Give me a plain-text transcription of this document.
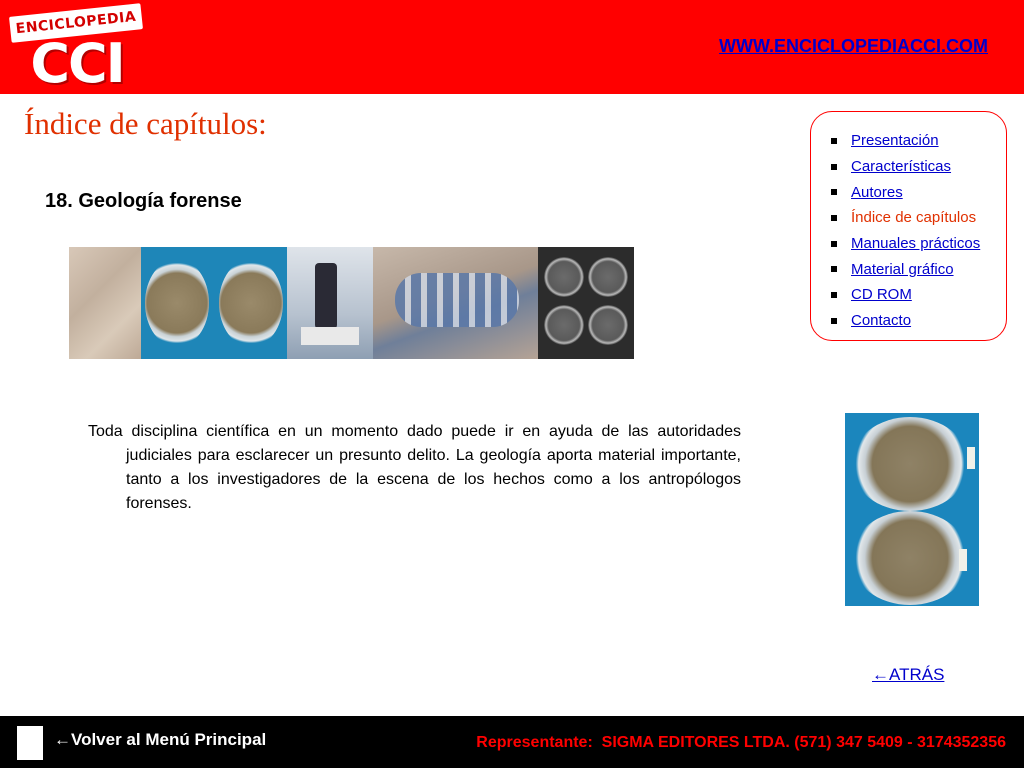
ENCICLOPEDIA
CCI	WWW.ENCICLOPEDIACCI.COM
Índice de capítulos:
18. Geología forense

Toda disciplina científica en un momento dado puede ir en ayuda de las autoridades judiciales para esclarecer un presunto delito. La geología aporta material importante, tanto a los investigadores de la escena de los hechos como a los antropólogos forenses.

Presentación
Características
Autores
Índice de capítulos
Manuales prácticos
Material gráfico
CD ROM
Contacto
←ATRÁS
←Volver al Menú Principal	Representante:  SIGMA EDITORES LTDA. (571) 347 5409 - 3174352356
